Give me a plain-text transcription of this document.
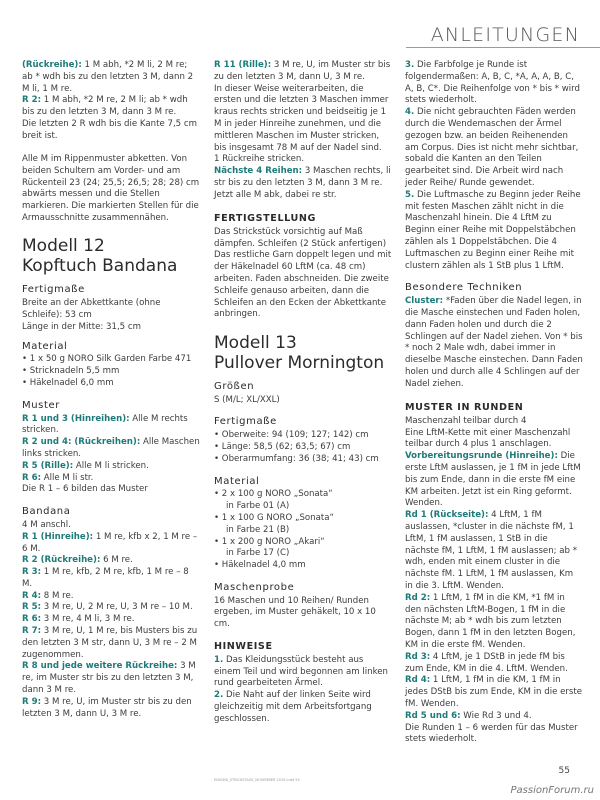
ANLEITUNGEN

(Rückreihe): 1 M abh, *2 M li, 2 M re; ab * wdh bis zu den letzten 3 M, dann 2 M li, 1 M re.
R 2: 1 M abh, *2 M re, 2 M li; ab * wdh bis zu den letzten 3 M, dann 3 M re.
Die letzten 2 R wdh bis die Kante 7,5 cm breit ist.

Alle M im Rippenmuster abketten. Von beiden Schultern am Vorder- und am Rückenteil 23 (24; 25,5; 26,5; 28; 28) cm abwärts messen und die Stellen markieren. Die markierten Stellen für die Armausschnitte zusammennähen.

Modell 12
Kopftuch Bandana
Fertigmaße

Breite an der Abkettkante (ohne Schleife): 53 cm

Länge in der Mitte: 31,5 cm

Material

• 1 x 50 g NORO Silk Garden Farbe 471

• Stricknadeln 5,5 mm

• Häkelnadel 6,0 mm

Muster

R 1 und 3 (Hinreihen): Alle M rechts stricken.

R 2 und 4: (Rückreihen): Alle Maschen links stricken.

R 5 (Rille): Alle M li stricken.

R 6: Alle M li str.

Die R 1 – 6 bilden das Muster

Bandana

4 M anschl.

R 1 (Hinreihe): 1 M re, kfb x 2, 1 M re – 6 M.

R 2 (Rückreihe): 6 M re.

R 3: 1 M re, kfb, 2 M re, kfb, 1 M re – 8 M.

R 4: 8 M re.

R 5: 3 M re, U, 2 M re, U, 3 M re – 10 M.

R 6: 3 M re, 4 M li, 3 M re.

R 7: 3 M re, U, 1 M re, bis Musters bis zu den letzten 3 M str, dann U, 3 M re – 2 M zugenommen.

R 8 und jede weitere Rückreihe: 3 M re, im Muster str bis zu den letzten 3 M, dann 3 M re.

R 9: 3 M re, U, im Muster str bis zu den letzten 3 M, dann U, 3 M re.

R 11 (Rille): 3 M re, U, im Muster str bis zu den letzten 3 M, dann U, 3 M re.

In dieser Weise weiterarbeiten, die ersten und die letzten 3 Maschen immer kraus rechts stricken und beidseitig je 1 M in jeder Hinreihe zunehmen, und die mittleren Maschen im Muster stricken, bis insgesamt 78 M auf der Nadel sind.

1 Rückreihe stricken.

Nächste 4 Reihen: 3 Maschen rechts, li str bis zu den letzten 3 M, dann 3 M re.

Jetzt alle M abk, dabei re str.

FERTIGSTELLUNG

Das Strickstück vorsichtig auf Maß dämpfen. Schleifen (2 Stück anfertigen)

Das restliche Garn doppelt legen und mit der Häkelnadel 60 LftM (ca. 48 cm) arbeiten. Faden abschneiden. Die zweite Schleife genauso arbeiten, dann die Schleifen an den Ecken der Abkettkante anbringen.

Modell 13
Pullover Mornington
Größen

S (M/L; XL/XXL)

Fertigmaße

• Oberweite: 94 (109; 127; 142) cm

• Länge: 58,5 (62; 63,5; 67) cm

• Oberarmumfang: 36 (38; 41; 43) cm

Material

• 2 x 100 g NORO „Sonata“

in Farbe 01 (A)

• 1 x 100 G NORO „Sonata“

in Farbe 21 (B)

• 1 x 200 g NORO „Akari“

in Farbe 17 (C)

• Häkelnadel 4,0 mm

Maschenprobe

16 Maschen und 10 Reihen/ Runden ergeben, im Muster gehäkelt, 10 x 10 cm.

HINWEISE

1. Das Kleidungsstück besteht aus einem Teil und wird begonnen am linken rund gearbeiteten Ärmel.

2. Die Naht auf der linken Seite wird gleichzeitig mit dem Arbeitsfortgang geschlossen.

3. Die Farbfolge je Runde ist folgendermaßen: A, B, C, *A, A, A, B, C, A, B, C*. Die Reihenfolge von * bis * wird stets wiederholt.

4. Die nicht gebrauchten Fäden werden durch die Wendemaschen der Ärmel gezogen bzw. an beiden Reihenenden am Corpus. Dies ist nicht mehr sichtbar, sobald die Kanten an den Teilen gearbeitet sind. Die Arbeit wird nach jeder Reihe/ Runde gewendet.

5. Die Luftmasche zu Beginn jeder Reihe mit festen Maschen zählt nicht in die Maschenzahl hinein. Die 4 LftM zu Beginn einer Reihe mit Doppelstäbchen zählen als 1 Doppelstäbchen. Die 4 Luftmaschen zu Beginn einer Reihe mit clustern zählen als 1 StB plus 1 LftM.

Besondere Techniken

Cluster: *Faden über die Nadel legen, in die Masche einstechen und Faden holen, dann Faden holen und durch die 2 Schlingen auf der Nadel ziehen. Von * bis * noch 2 Male wdh, dabei immer in dieselbe Masche einstechen. Dann Faden holen und durch alle 4 Schlingen auf der Nadel ziehen.

MUSTER IN RUNDEN

Maschenzahl teilbar durch 4

Eine LftM-Kette mit einer Maschenzahl teilbar durch 4 plus 1 anschlagen.

Vorbereitungsrunde (Hinreihe): Die erste LftM auslassen, je 1 fM in jede LftM bis zum Ende, dann in die erste fM eine KM arbeiten. Jetzt ist ein Ring geformt. Wenden.

Rd 1 (Rückseite): 4 LftM, 1 fM auslassen, *cluster in die nächste fM, 1 LftM, 1 fM auslassen, 1 StB in die nächste fM, 1 LftM, 1 fM auslassen; ab * wdh, enden mit einem cluster in die nächste fM. 1 LftM, 1 fM auslassen, Km in die 3. LftM. Wenden.

Rd 2: 1 LftM, 1 fM in die KM, *1 fM in den nächsten LftM-Bogen, 1 fM in die nächste M; ab * wdh bis zum letzten Bogen, dann 1 fM in den letzten Bogen, KM in die erste fM. Wenden.

Rd 3: 4 LftM, je 1 DStB in jede fM bis zum Ende, KM in die 4. LftM. Wenden.

Rd 4: 1 LftM, 1 fM in die KM, 1 fM in jedes DStB bis zum Ende, KM in die erste fM. Wenden.

Rd 5 und 6: Wie Rd 3 und 4.

Die Runden 1 – 6 werden für das Muster stets wiederholt.

55
ENIGMA_STRICKSTAGE_NOVEMBER 2019.indd 55
PassionForum.ru
